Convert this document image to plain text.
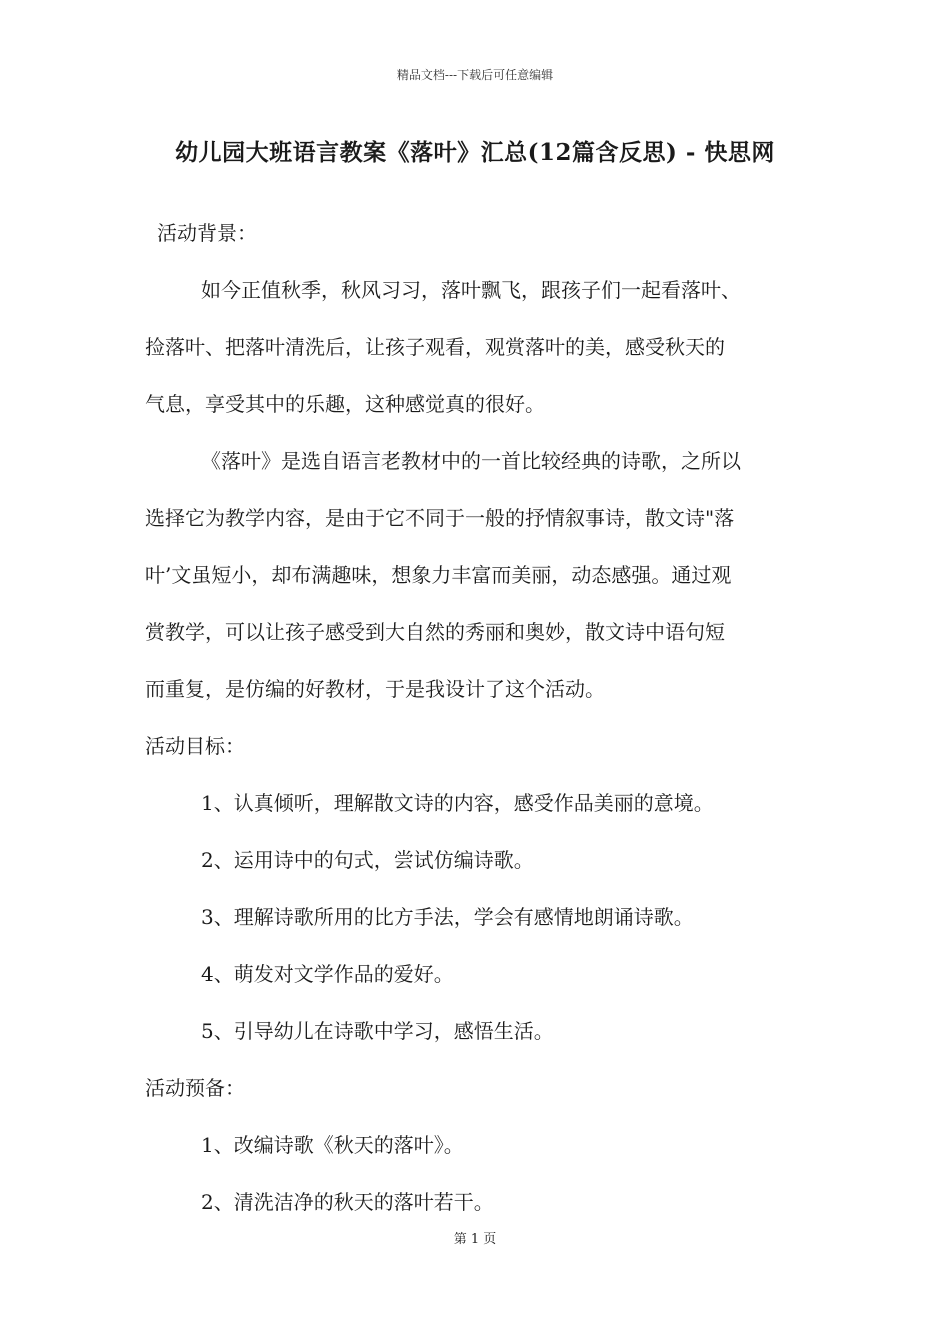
精品文档---下载后可任意编辑
幼儿园大班语言教案《落叶》汇总(12篇含反思) - 快思网
活动背景：
如今正值秋季，秋风习习，落叶飘飞，跟孩子们一起看落叶、
捡落叶、把落叶清洗后，让孩子观看，观赏落叶的美，感受秋天的
气息，享受其中的乐趣，这种感觉真的很好。
《落叶》是选自语言老教材中的一首比较经典的诗歌，之所以
选择它为教学内容，是由于它不同于一般的抒情叙事诗，散文诗"落
叶’文虽短小，却布满趣味，想象力丰富而美丽，动态感强。通过观
赏教学，可以让孩子感受到大自然的秀丽和奥妙，散文诗中语句短
而重复，是仿编的好教材，于是我设计了这个活动。
活动目标：
1、认真倾听，理解散文诗的内容，感受作品美丽的意境。
2、运用诗中的句式，尝试仿编诗歌。
3、理解诗歌所用的比方手法，学会有感情地朗诵诗歌。
4、萌发对文学作品的爱好。
5、引导幼儿在诗歌中学习，感悟生活。
活动预备：
1、改编诗歌《秋天的落叶》。
2、清洗洁净的秋天的落叶若干。
第 1 页
